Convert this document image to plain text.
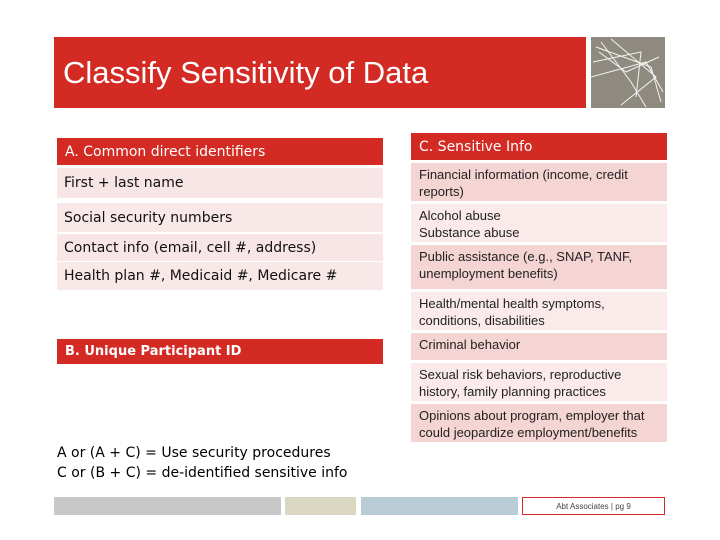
Classify Sensitivity of Data
A. Common direct identifiers
First + last name
Social security numbers
Contact info (email, cell #, address)
Health plan #, Medicaid #, Medicare #
B. Unique Participant ID
C. Sensitive Info
Financial information (income, credit
reports)
Alcohol abuse
Substance abuse
Public assistance (e.g., SNAP, TANF,
unemployment benefits)
Health/mental health symptoms,
conditions, disabilities
Criminal behavior
Sexual risk behaviors, reproductive
history, family planning practices
Opinions about program, employer that
could jeopardize employment/benefits
A or (A + C) = Use security procedures
C or (B + C) = de-identified sensitive info
Abt Associates | pg 9
